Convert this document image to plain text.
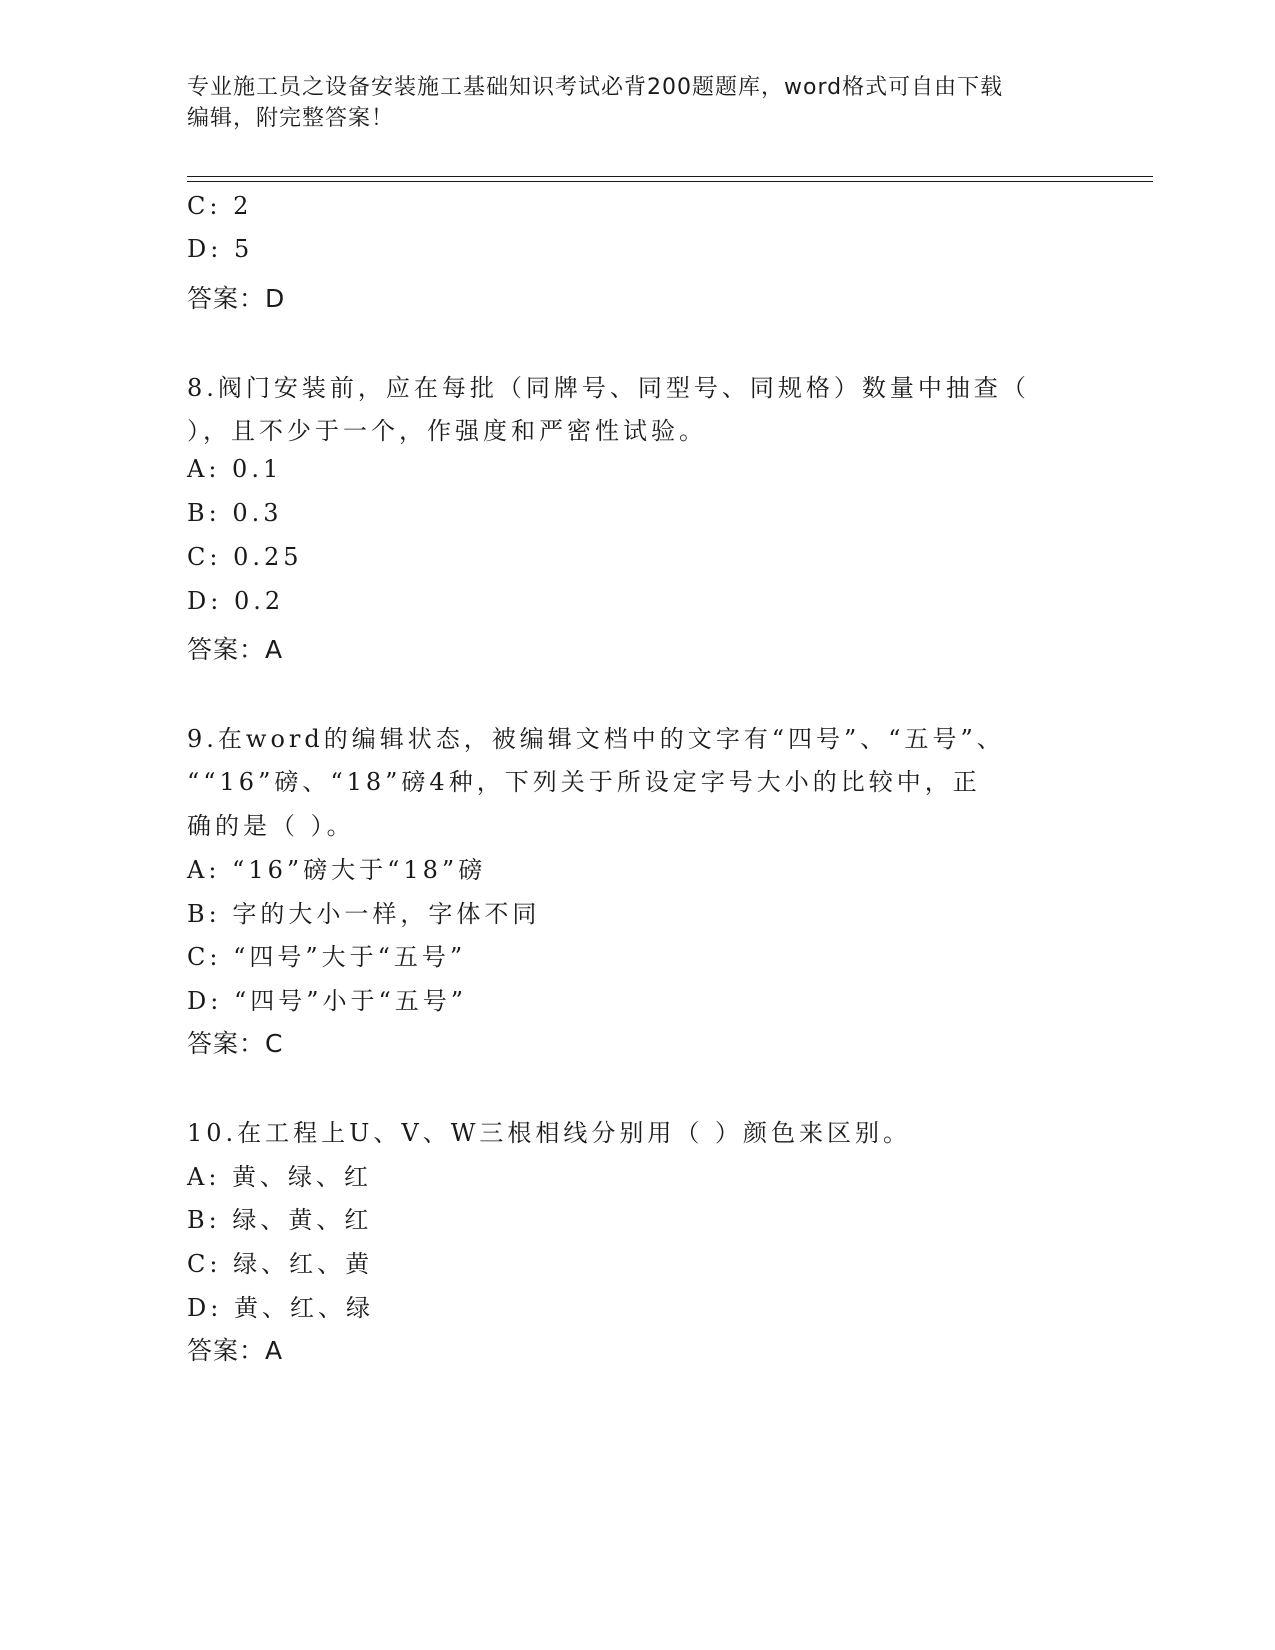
专业施工员之设备安装施工基础知识考试必背200题题库，word格式可自由下载
编辑，附完整答案！
C: 2
D: 5
答案：D
8.阀门安装前，应在每批（同牌号、同型号、同规格）数量中抽查（
），且不少于一个，作强度和严密性试验。
A: 0.1
B: 0.3
C: 0.25
D: 0.2
答案：A
9.在word的编辑状态，被编辑文档中的文字有“四号”、“五号”、
““16”磅、“18”磅4种，下列关于所设定字号大小的比较中，正
确的是（ ）。
A: “16”磅大于“18”磅
B: 字的大小一样，字体不同
C: “四号”大于“五号”
D: “四号”小于“五号”
答案：C
10.在工程上U、V、W三根相线分别用（ ）颜色来区别。
A: 黄、绿、红
B: 绿、黄、红
C: 绿、红、黄
D: 黄、红、绿
答案：A
